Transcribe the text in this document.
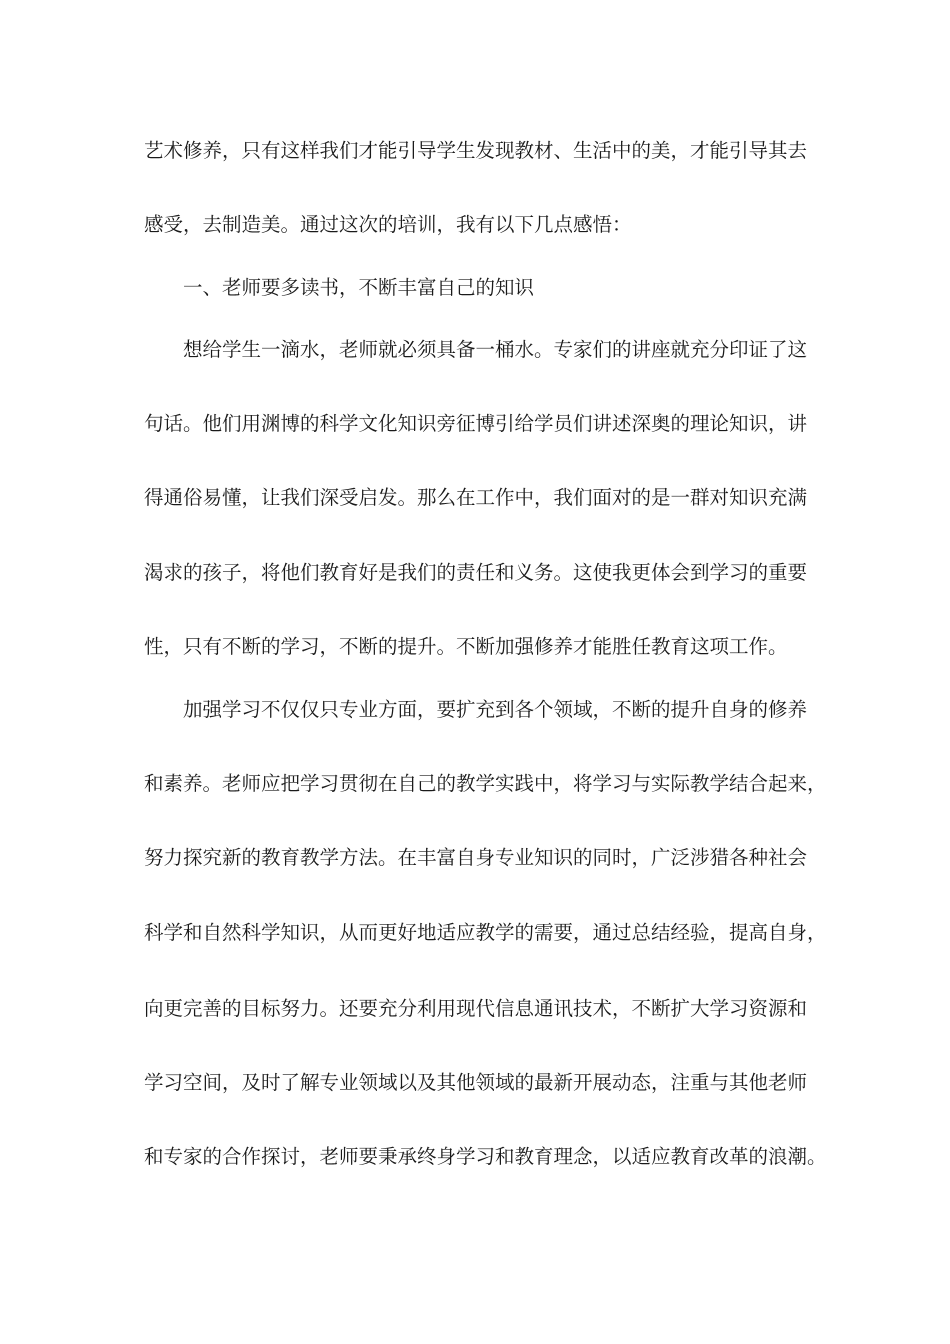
艺术修养，只有这样我们才能引导学生发现教材、生活中的美，才能引导其去
感受，去制造美。通过这次的培训，我有以下几点感悟：
一、老师要多读书，不断丰富自己的知识
想给学生一滴水，老师就必须具备一桶水。专家们的讲座就充分印证了这
句话。他们用渊博的科学文化知识旁征博引给学员们讲述深奥的理论知识，讲
得通俗易懂，让我们深受启发。那么在工作中，我们面对的是一群对知识充满
渴求的孩子，将他们教育好是我们的责任和义务。这使我更体会到学习的重要
性，只有不断的学习，不断的提升。不断加强修养才能胜任教育这项工作。
加强学习不仅仅只专业方面，要扩充到各个领域，不断的提升自身的修养
和素养。老师应把学习贯彻在自己的教学实践中，将学习与实际教学结合起来，
努力探究新的教育教学方法。在丰富自身专业知识的同时，广泛涉猎各种社会
科学和自然科学知识，从而更好地适应教学的需要，通过总结经验，提高自身，
向更完善的目标努力。还要充分利用现代信息通讯技术，不断扩大学习资源和
学习空间，及时了解专业领域以及其他领域的最新开展动态，注重与其他老师
和专家的合作探讨，老师要秉承终身学习和教育理念，以适应教育改革的浪潮。
